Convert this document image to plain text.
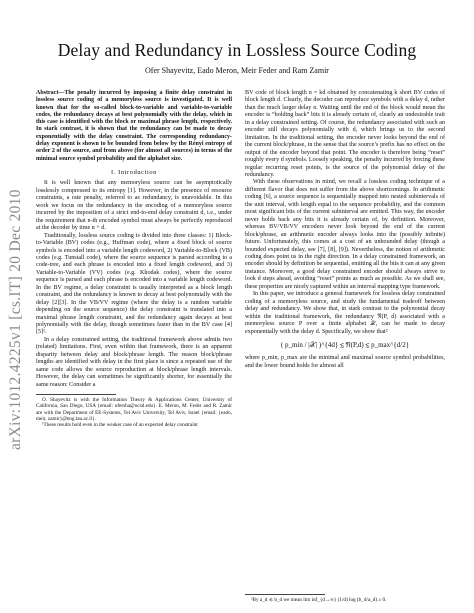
Delay and Redundancy in Lossless Source Coding
Ofer Shayevitz, Eado Meron, Meir Feder and Ram Zamir
arXiv:1012.4225v1 [cs.IT] 20 Dec 2010
Abstract—The penalty incurred by imposing a finite delay constraint in lossless source coding of a memoryless source is investigated. It is well known that for the so-called block-to-variable and variable-to-variable codes, the redundancy decays at best polynomially with the delay, which in this case is identified with the block or maximal phrase length, respectively. In stark contrast, it is shown that the redundancy can be made to decay exponentially with the delay constraint. The corresponding redundancy-delay exponent is shown to be bounded from below by the Rényi entropy of order 2 of the source, and from above (for almost all sources) in terms of the minimal source symbol probability and the alphabet size.
I. Introduction

It is well known that any memoryless source can be asymptotically losslessly compressed to its entropy [1]. However, in the presence of resource constraints, a rate penalty, referred to as redundancy, is unavoidable. In this work we focus on the redundancy in the encoding of a memoryless source incurred by the imposition of a strict end-to-end delay constraint d, i.e., under the requirement that n-th encoded symbol must always be perfectly reproduced at the decoder by time n + d.

Traditionally, lossless source coding is divided into three classes: 1) Block-to-Variable (BV) codes (e.g., Huffman code), where a fixed block of source symbols is encoded into a variable length codeword, 2) Variable-to-Block (VB) codes (e.g. Tunstall code), where the source sequence is parsed according to a code-tree, and each phrase is encoded into a fixed length codeword, and 3) Variable-to-Variable (VV) codes (e.g. Khodak codes), where the source sequence is parsed and each phrase is encoded into a variable length codeword. In the BV regime, a delay constraint is usually interpreted as a block length constraint, and the redundancy is known to decay at best polynomially with the delay [2][3]. In the VB/VV regime (where the delay is a random variable depending on the source sequence) the delay constraint is translated into a maximal phrase length constraint, and the redundancy again decays at best polynomially with the delay, though sometimes faster than in the BV case [4][5]¹.

In a delay constrained setting, the traditional framework above admits two (related) limitations. First, even within that framework, there is an apparent disparity between delay and block/phrase length. The reason block/phrase lengths are identified with delay in the first place is since a repeated use of the same code allows the source reproduction at block/phrase length intervals. However, the delay can sometimes be significantly shorter, for essentially the same reason: Consider a

O. Shayevitz is with the Information Theory & Applications Center, University of California, San Diego, USA {email: ofersha@ucsd.edu}. E. Meron, M. Feder and R. Zamir are with the Department of EE-Systems, Tel Aviv University, Tel Aviv, Israel {email: {eado, meir, zamir}@eng.tau.ac.il}.
¹These results hold even in the weaker case of an expected delay constraint

BV code of block length n = kd obtained by concatenating k short BV codes of block length d. Clearly, the decoder can reproduce symbols with a delay d, rather than the much larger delay n. Waiting until the end of the block would mean the encoder is “holding back” bits it is already certain of, clearly an undesirable trait in a delay constrained setting. Of course, the redundancy associated with such an encoder still decays polynomially with d, which brings us to the second limitation. In the traditional setting, the encoder never looks beyond the end of the current block/phrase, in the sense that the source’s prefix has no effect on the output of the encoder beyond that point. The encoder is therefore being “reset” roughly every d symbols. Loosely speaking, the penalty incurred by forcing these regular recurring reset points, is the source of the polynomial delay of the redundancy.

With these observations in mind, we recall a lossless coding technique of a different flavor that does not suffer from the above shortcomings. In arithmetic coding [6], a source sequence is sequentially mapped into nested subintervals of the unit interval, with length equal to the sequence probability, and the common most significant bits of the current subinterval are emitted. This way, the encoder never holds back any bits it is already certain of, by definition. Moreover, whereas BV/VB/VV encoders never look beyond the end of the current block/phrase, an arithmetic encoder always looks into the (possibly infinite) future. Unfortunately, this comes at a cost of an unbounded delay (though a bounded expected delay, see [7], [8], [9]). Nevertheless, the notion of arithmetic coding does point us in the right direction. In a delay constrained framework, an encoder should by definition be sequential, emitting all the bits it can at any given instance. Moreover, a good delay constrained encoder should always strive to look d steps ahead, avoiding “reset” points as much as possible. As we shall see, these properties are nicely captured within an interval mapping type framework.

In this paper, we introduce a general framework for lossless delay constrained coding of a memoryless source, and study the fundamental tradeoff between delay and redundancy. We show that, in stark contrast to the polynomial decay within the traditional framework, the redundancy 𝔑(P, d) associated with a memoryless source P over a finite alphabet 𝒳, can be made to decay exponentially with the delay d. Specifically, we show that²

( p_min / |𝒳| )^{4d} ≲ 𝔑(P,d) ≲ p_max^{d/2}

where p_min, p_max are the minimal and maximal source symbol probabilities, and the lower bound holds for almost all

²By a_d ≲ b_d we mean lim inf_{d→∞} (1/d) log (b_d/a_d) ≥ 0.
